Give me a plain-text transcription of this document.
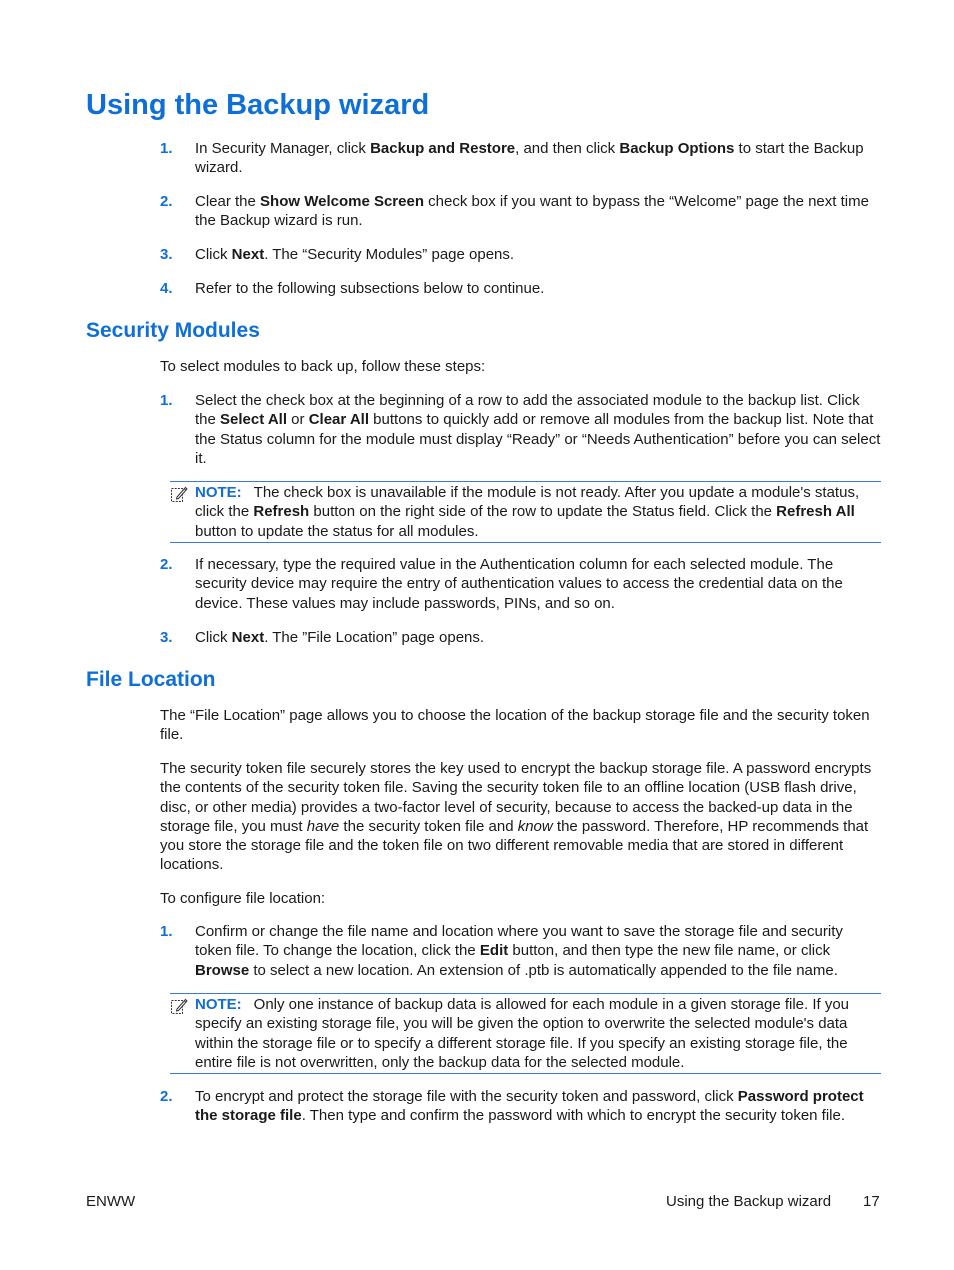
Using the Backup wizard
1. In Security Manager, click Backup and Restore, and then click Backup Options to start the Backup wizard.
2. Clear the Show Welcome Screen check box if you want to bypass the “Welcome” page the next time the Backup wizard is run.
3. Click Next. The “Security Modules” page opens.
4. Refer to the following subsections below to continue.
Security Modules

To select modules to back up, follow these steps:

1. Select the check box at the beginning of a row to add the associated module to the backup list. Click the Select All or Clear All buttons to quickly add or remove all modules from the backup list. Note that the Status column for the module must display “Ready” or “Needs Authentication” before you can select it.
NOTE: The check box is unavailable if the module is not ready. After you update a module's status, click the Refresh button on the right side of the row to update the Status field. Click the Refresh All button to update the status for all modules.
2. If necessary, type the required value in the Authentication column for each selected module. The security device may require the entry of authentication values to access the credential data on the device. These values may include passwords, PINs, and so on.
3. Click Next. The ”File Location” page opens.
File Location

The “File Location” page allows you to choose the location of the backup storage file and the security token file.

The security token file securely stores the key used to encrypt the backup storage file. A password encrypts the contents of the security token file. Saving the security token file to an offline location (USB flash drive, disc, or other media) provides a two-factor level of security, because to access the backed-up data in the storage file, you must have the security token file and know the password. Therefore, HP recommends that you store the storage file and the token file on two different removable media that are stored in different locations.

To configure file location:

1. Confirm or change the file name and location where you want to save the storage file and security token file. To change the location, click the Edit button, and then type the new file name, or click Browse to select a new location. An extension of .ptb is automatically appended to the file name.
NOTE: Only one instance of backup data is allowed for each module in a given storage file. If you specify an existing storage file, you will be given the option to overwrite the selected module's data within the storage file or to specify a different storage file. If you specify an existing storage file, the entire file is not overwritten, only the backup data for the selected module.
2. To encrypt and protect the storage file with the security token and password, click Password protect the storage file. Then type and confirm the password with which to encrypt the security token file.
ENWW	Using the Backup wizard 17
